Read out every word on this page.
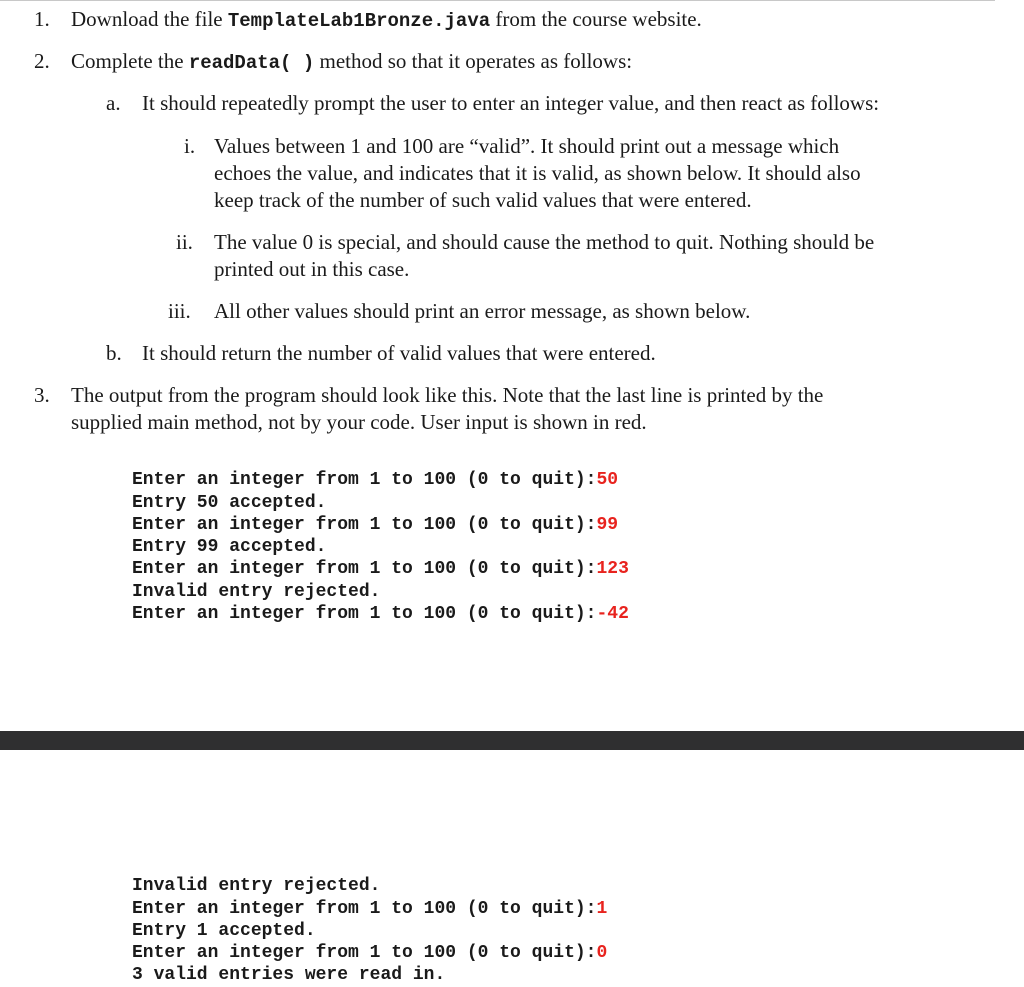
1. Download the file TemplateLab1Bronze.java from the course website.
2. Complete the readData( ) method so that it operates as follows:
a. It should repeatedly prompt the user to enter an integer value, and then react as follows:
i. Values between 1 and 100 are “valid”. It should print out a message which
echoes the value, and indicates that it is valid, as shown below. It should also
keep track of the number of such valid values that were entered.
ii. The value 0 is special, and should cause the method to quit. Nothing should be
printed out in this case.
iii. All other values should print an error message, as shown below.
b. It should return the number of valid values that were entered.
3. The output from the program should look like this. Note that the last line is printed by the
supplied main method, not by your code. User input is shown in red.

Enter an integer from 1 to 100 (0 to quit):50
Entry 50 accepted.
Enter an integer from 1 to 100 (0 to quit):99
Entry 99 accepted.
Enter an integer from 1 to 100 (0 to quit):123
Invalid entry rejected.
Enter an integer from 1 to 100 (0 to quit):-42

Invalid entry rejected.
Enter an integer from 1 to 100 (0 to quit):1
Entry 1 accepted.
Enter an integer from 1 to 100 (0 to quit):0
3 valid entries were read in.
